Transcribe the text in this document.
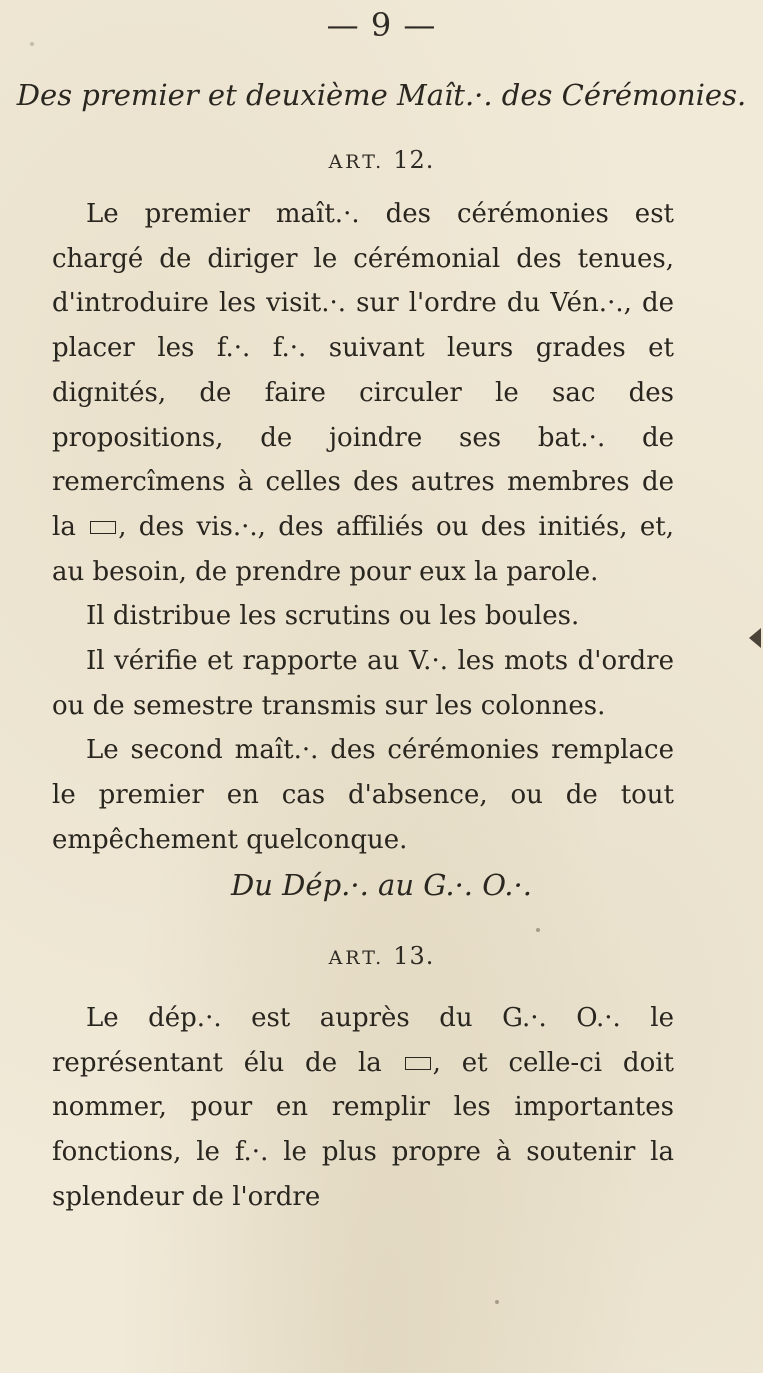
— 9 —
Des premier et deuxième Maît.·. des Cérémonies.
ART. 12.

Le premier maît.·. des cérémonies est chargé de diriger le cérémonial des tenues, d'introduire les visit.·. sur l'ordre du Vén.·., de placer les f.·. f.·. suivant leurs grades et dignités, de faire circuler le sac des propositions, de joindre ses bat.·. de remercîmens à celles des autres membres de la , des vis.·., des affiliés ou des initiés, et, au besoin, de prendre pour eux la parole.

Il distribue les scrutins ou les boules.

Il vérifie et rapporte au V.·. les mots d'ordre ou de semestre transmis sur les colonnes.

Le second maît.·. des cérémonies remplace le premier en cas d'absence, ou de tout empêchement quelconque.

Du Dép.·. au G.·. O.·.
ART. 13.

Le dép.·. est auprès du G.·. O.·. le représentant élu de la , et celle-ci doit nommer, pour en remplir les importantes fonctions, le f.·. le plus propre à soutenir la splendeur de l'ordre
